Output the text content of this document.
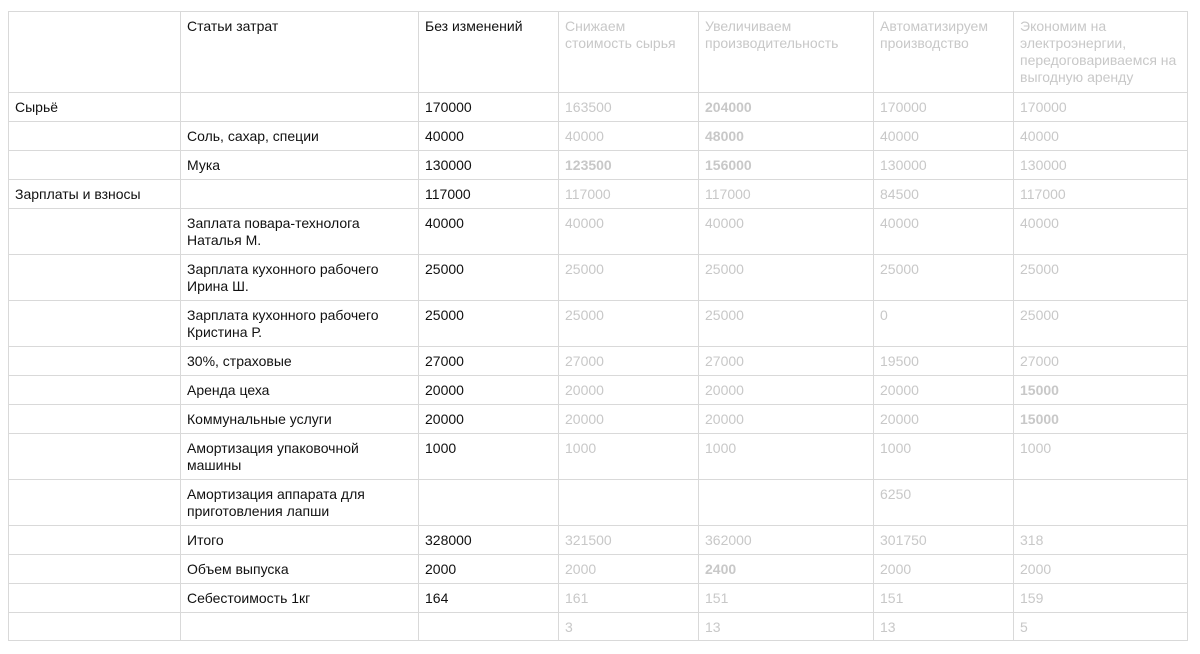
	Статьи затрат	Без изменений	Снижаем стоимость сырья	Увеличиваем производительность	Автоматизируем производство	Экономим на электроэнергии, передоговариваемся на выгодную аренду
Сырьё		170000	163500	204000	170000	170000
	Соль, сахар, специи	40000	40000	48000	40000	40000
	Мука	130000	123500	156000	130000	130000
Зарплаты и взносы		117000	117000	117000	84500	117000
	Заплата повара-технолога Наталья М.	40000	40000	40000	40000	40000
	Зарплата кухонного рабочего Ирина Ш.	25000	25000	25000	25000	25000
	Зарплата кухонного рабочего Кристина Р.	25000	25000	25000	0	25000
	30%, страховые	27000	27000	27000	19500	27000
	Аренда цеха	20000	20000	20000	20000	15000
	Коммунальные услуги	20000	20000	20000	20000	15000
	Амортизация упаковочной машины	1000	1000	1000	1000	1000
	Амортизация аппарата для приготовления лапши				6250	
	Итого	328000	321500	362000	301750	318
	Объем выпуска	2000	2000	2400	2000	2000
	Себестоимость 1кг	164	161	151	151	159
			3	13	13	5
